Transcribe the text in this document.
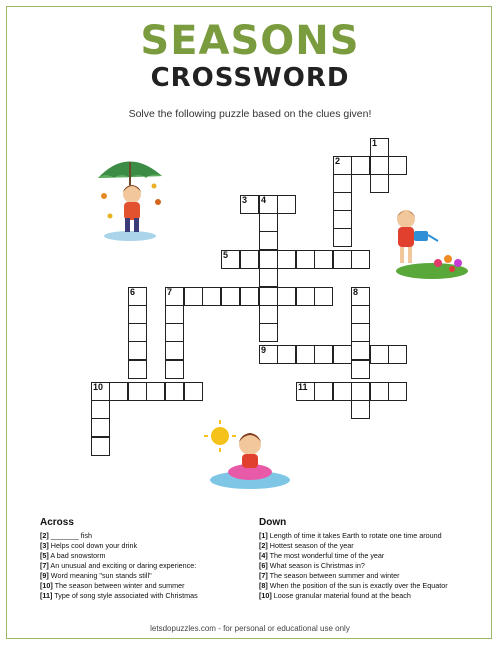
SEASONS
CROSSWORD
Solve the following puzzle based on the clues given!
1
2
3 4
5
7
6	8
9
10	11
Across	Down
[2] _______ fish
[3] Helps cool down your drink
[5] A bad snowstorm
[7] An unusual and exciting or daring experience:
[9] Word meaning "sun stands still"
[10] The season between winter and summer
[11] Type of song style associated with Christmas
[1] Length of time it takes Earth to rotate one time around
[2] Hottest season of the year
[4] The most wonderful time of the year
[6] What season is Christmas in?
[7] The season between summer and winter
[8] When the position of the sun is exactly over the Equator
[10] Loose granular material found at the beach
letsdopuzzles.com - for personal or educational use only
